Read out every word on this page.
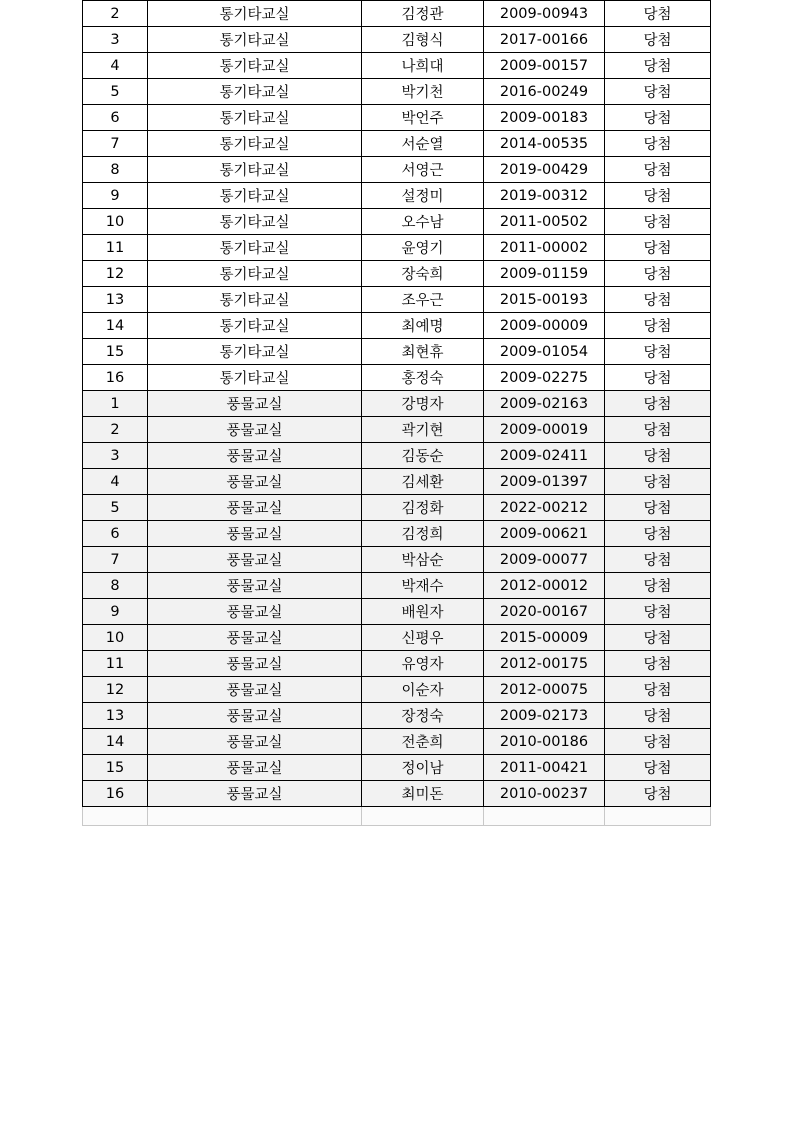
2	통기타교실	김정관	2009-00943	당첨
3	통기타교실	김형식	2017-00166	당첨
4	통기타교실	나희대	2009-00157	당첨
5	통기타교실	박기천	2016-00249	당첨
6	통기타교실	박언주	2009-00183	당첨
7	통기타교실	서순열	2014-00535	당첨
8	통기타교실	서영근	2019-00429	당첨
9	통기타교실	설정미	2019-00312	당첨
10	통기타교실	오수남	2011-00502	당첨
11	통기타교실	윤영기	2011-00002	당첨
12	통기타교실	장숙희	2009-01159	당첨
13	통기타교실	조우근	2015-00193	당첨
14	통기타교실	최예명	2009-00009	당첨
15	통기타교실	최현휴	2009-01054	당첨
16	통기타교실	홍정숙	2009-02275	당첨
1	풍물교실	강명자	2009-02163	당첨
2	풍물교실	곽기현	2009-00019	당첨
3	풍물교실	김동순	2009-02411	당첨
4	풍물교실	김세환	2009-01397	당첨
5	풍물교실	김정화	2022-00212	당첨
6	풍물교실	김정희	2009-00621	당첨
7	풍물교실	박삼순	2009-00077	당첨
8	풍물교실	박재수	2012-00012	당첨
9	풍물교실	배원자	2020-00167	당첨
10	풍물교실	신평우	2015-00009	당첨
11	풍물교실	유영자	2012-00175	당첨
12	풍물교실	이순자	2012-00075	당첨
13	풍물교실	장정숙	2009-02173	당첨
14	풍물교실	전춘희	2010-00186	당첨
15	풍물교실	정이남	2011-00421	당첨
16	풍물교실	최미돈	2010-00237	당첨
